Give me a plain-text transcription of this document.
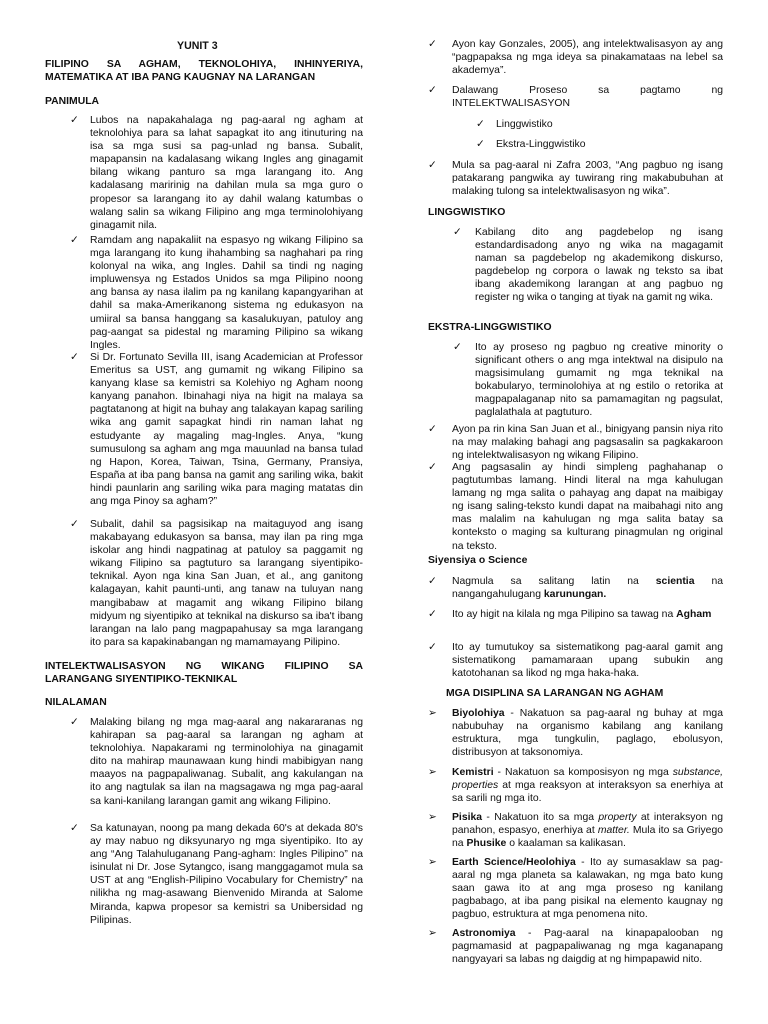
YUNIT 3
FILIPINO SA AGHAM, TEKNOLOHIYA, INHINYERIYA, MATEMATIKA AT IBA PANG KAUGNAY NA LARANGAN
PANIMULA
✓ Lubos na napakahalaga ng pag-aaral ng agham at teknolohiya para sa lahat sapagkat ito ang itinuturing na isa sa mga susi sa pag-unlad ng bansa. Subalit, mapapansin na kadalasang wikang Ingles ang ginagamit bilang wikang panturo sa mga larangang ito. Ang kadalasang maririnig na dahilan mula sa mga guro o propesor sa larangang ito ay dahil walang katumbas o walang salin sa wikang Filipino ang mga terminolohiyang ginagamit nila.

✓ Ramdam ang napakaliit na espasyo ng wikang Filipino sa mga larangang ito kung ihahambing sa naghahari pa ring kolonyal na wika, ang Ingles. Dahil sa tindi ng naging impluwensya ng Estados Unidos sa mga Pilipino noong ang bansa ay nasa ilalim pa ng kanilang kapangyarihan at dahil sa maka-Amerikanong sistema ng edukasyon na umiiral sa bansa hanggang sa kasalukuyan, patuloy ang pag-aangat sa pidestal ng maraming Pilipino sa wikang Ingles.

✓ Si Dr. Fortunato Sevilla III, isang Academician at Professor Emeritus sa UST, ang gumamit ng wikang Filipino sa kanyang klase sa kemistri sa Kolehiyo ng Agham noong kanyang panahon. Ibinahagi niya na higit na malaya sa pagtatanong at higit na buhay ang talakayan kapag sariling wika ang gamit sapagkat hindi rin naman lahat ng estudyante ay magaling mag-Ingles. Anya, “kung sumusulong sa agham ang mga mauunlad na bansa tulad ng Hapon, Korea, Taiwan, Tsina, Germany, Pransiya, España at iba pang bansa na gamit ang sariling wika, bakit hindi paunlarin ang sariling wika para maging matatas din ang mga Pinoy sa agham?”

✓ Subalit, dahil sa pagsisikap na maitaguyod ang isang makabayang edukasyon sa bansa, may ilan pa ring mga iskolar ang hindi nagpatinag at patuloy sa paggamit ng wikang Filipino sa pagtuturo sa larangang siyentipiko-teknikal. Ayon nga kina San Juan, et al., ang ganitong kalagayan, kahit paunti-unti, ang tanaw na tuluyan nang mangibabaw at magamit ang wikang Filipino bilang midyum ng siyentipiko at teknikal na diskurso sa iba't ibang larangan na lalo pang magpapahusay sa mga larangang ito para sa kapakinabangan ng mamamayang Pilipino.

INTELEKTWALISASYON NG WIKANG FILIPINO SA LARANGANG SIYENTIPIKO-TEKNIKAL
NILALAMAN
✓ Malaking bilang ng mga mag-aaral ang nakararanas ng kahirapan sa pag-aaral sa larangan ng agham at teknolohiya. Napakarami ng terminolohiya na ginagamit dito na mahirap maunawaan kung hindi mabibigyan nang maayos na pagpapaliwanag. Subalit, ang kakulangan na ito ang nagtulak sa ilan na magsagawa ng mga pag-aaral sa kani-kanilang larangan gamit ang wikang Filipino.

✓ Sa katunayan, noong pa mang dekada 60's at dekada 80's ay may nabuo ng diksyunaryo ng mga siyentipiko. Ito ay ang “Ang Talahuluganang Pang-agham: Ingles Pilipino” na isinulat ni Dr. Jose Sytangco, isang manggagamot mula sa UST at ang “English-Pilipino Vocabulary for Chemistry” na nilikha ng mag-asawang Bienvenido Miranda at Salome Miranda, kapwa propesor sa kemistri sa Unibersidad ng Pilipinas.

✓ Ayon kay Gonzales, 2005), ang intelektwalisasyon ay ang “pagpapaksa ng mga ideya sa pinakamataas na lebel sa akademya”.

✓ Dalawang Proseso sa pagtamo ng INTELEKTWALISASYON

✓ Linggwistiko

✓ Ekstra-Linggwistiko

✓ Mula sa pag-aaral ni Zafra 2003, “Ang pagbuo ng isang patakarang pangwika ay tuwirang ring makabubuhan at malaking tulong sa intelektwalisasyon ng wika”.

LINGGWISTIKO
✓ Kabilang dito ang pagdebelop ng isang estandardisadong anyo ng wika na magagamit naman sa pagdebelop ng akademikong diskurso, pagdebelop ng corpora o lawak ng teksto sa ibat ibang akademikong larangan at ang pagbuo ng register ng wika o tanging at tiyak na gamit ng wika.

EKSTRA-LINGGWISTIKO
✓ Ito ay proseso ng pagbuo ng creative minority o significant others o ang mga intektwal na disipulo na magsisimulang gumamit ng mga teknikal na bokabularyo, terminolohiya at ng estilo o retorika at magpapalaganap nito sa pamamagitan ng pagsulat, paglalathala at pagtuturo.

✓ Ayon pa rin kina San Juan et al., binigyang pansin niya rito na may malaking bahagi ang pagsasalin sa pagkakaroon ng intelektwalisasyon ng wikang Filipino.

✓ Ang pagsasalin ay hindi simpleng paghahanap o pagtutumbas lamang. Hindi literal na mga kahulugan lamang ng mga salita o pahayag ang dapat na maibigay ng isang saling-teksto kundi dapat na maibahagi nito ang mas malalim na kahulugan ng mga salita batay sa konteksto o maging sa kulturang pinagmulan ng original na teksto.

Siyensiya o Science
✓ Nagmula sa salitang latin na scientia na nangangahulugang karunungan.

✓ Ito ay higit na kilala ng mga Pilipino sa tawag na Agham

✓ Ito ay tumutukoy sa sistematikong pag-aaral gamit ang sistematikong pamamaraan upang subukin ang katotohanan sa likod ng mga haka-haka.

MGA DISIPLINA SA LARANGAN NG AGHAM
➢ Biyolohiya - Nakatuon sa pag-aaral ng buhay at mga nabubuhay na organismo kabilang ang kanilang estruktura, mga tungkulin, paglago, ebolusyon, distribusyon at taksonomiya.

➢ Kemistri - Nakatuon sa komposisyon ng mga substance, properties at mga reaksyon at interaksyon sa enerhiya at sa sarili ng mga ito.

➢ Pisika - Nakatuon ito sa mga property at interaksyon ng panahon, espasyo, enerhiya at matter. Mula ito sa Griyego na Phusike o kaalaman sa kalikasan.

➢ Earth Science/Heolohiya - Ito ay sumasaklaw sa pag-aaral ng mga planeta sa kalawakan, ng mga bato kung saan gawa ito at ang mga proseso ng kanilang pagbabago, at iba pang pisikal na elemento kaugnay ng pagbuo, estruktura at mga penomena nito.

➢ Astronomiya - Pag-aaral na kinapapalooban ng pagmamasid at pagpapaliwanag ng mga kaganapang nangyayari sa labas ng daigdig at ng himpapawid nito.
